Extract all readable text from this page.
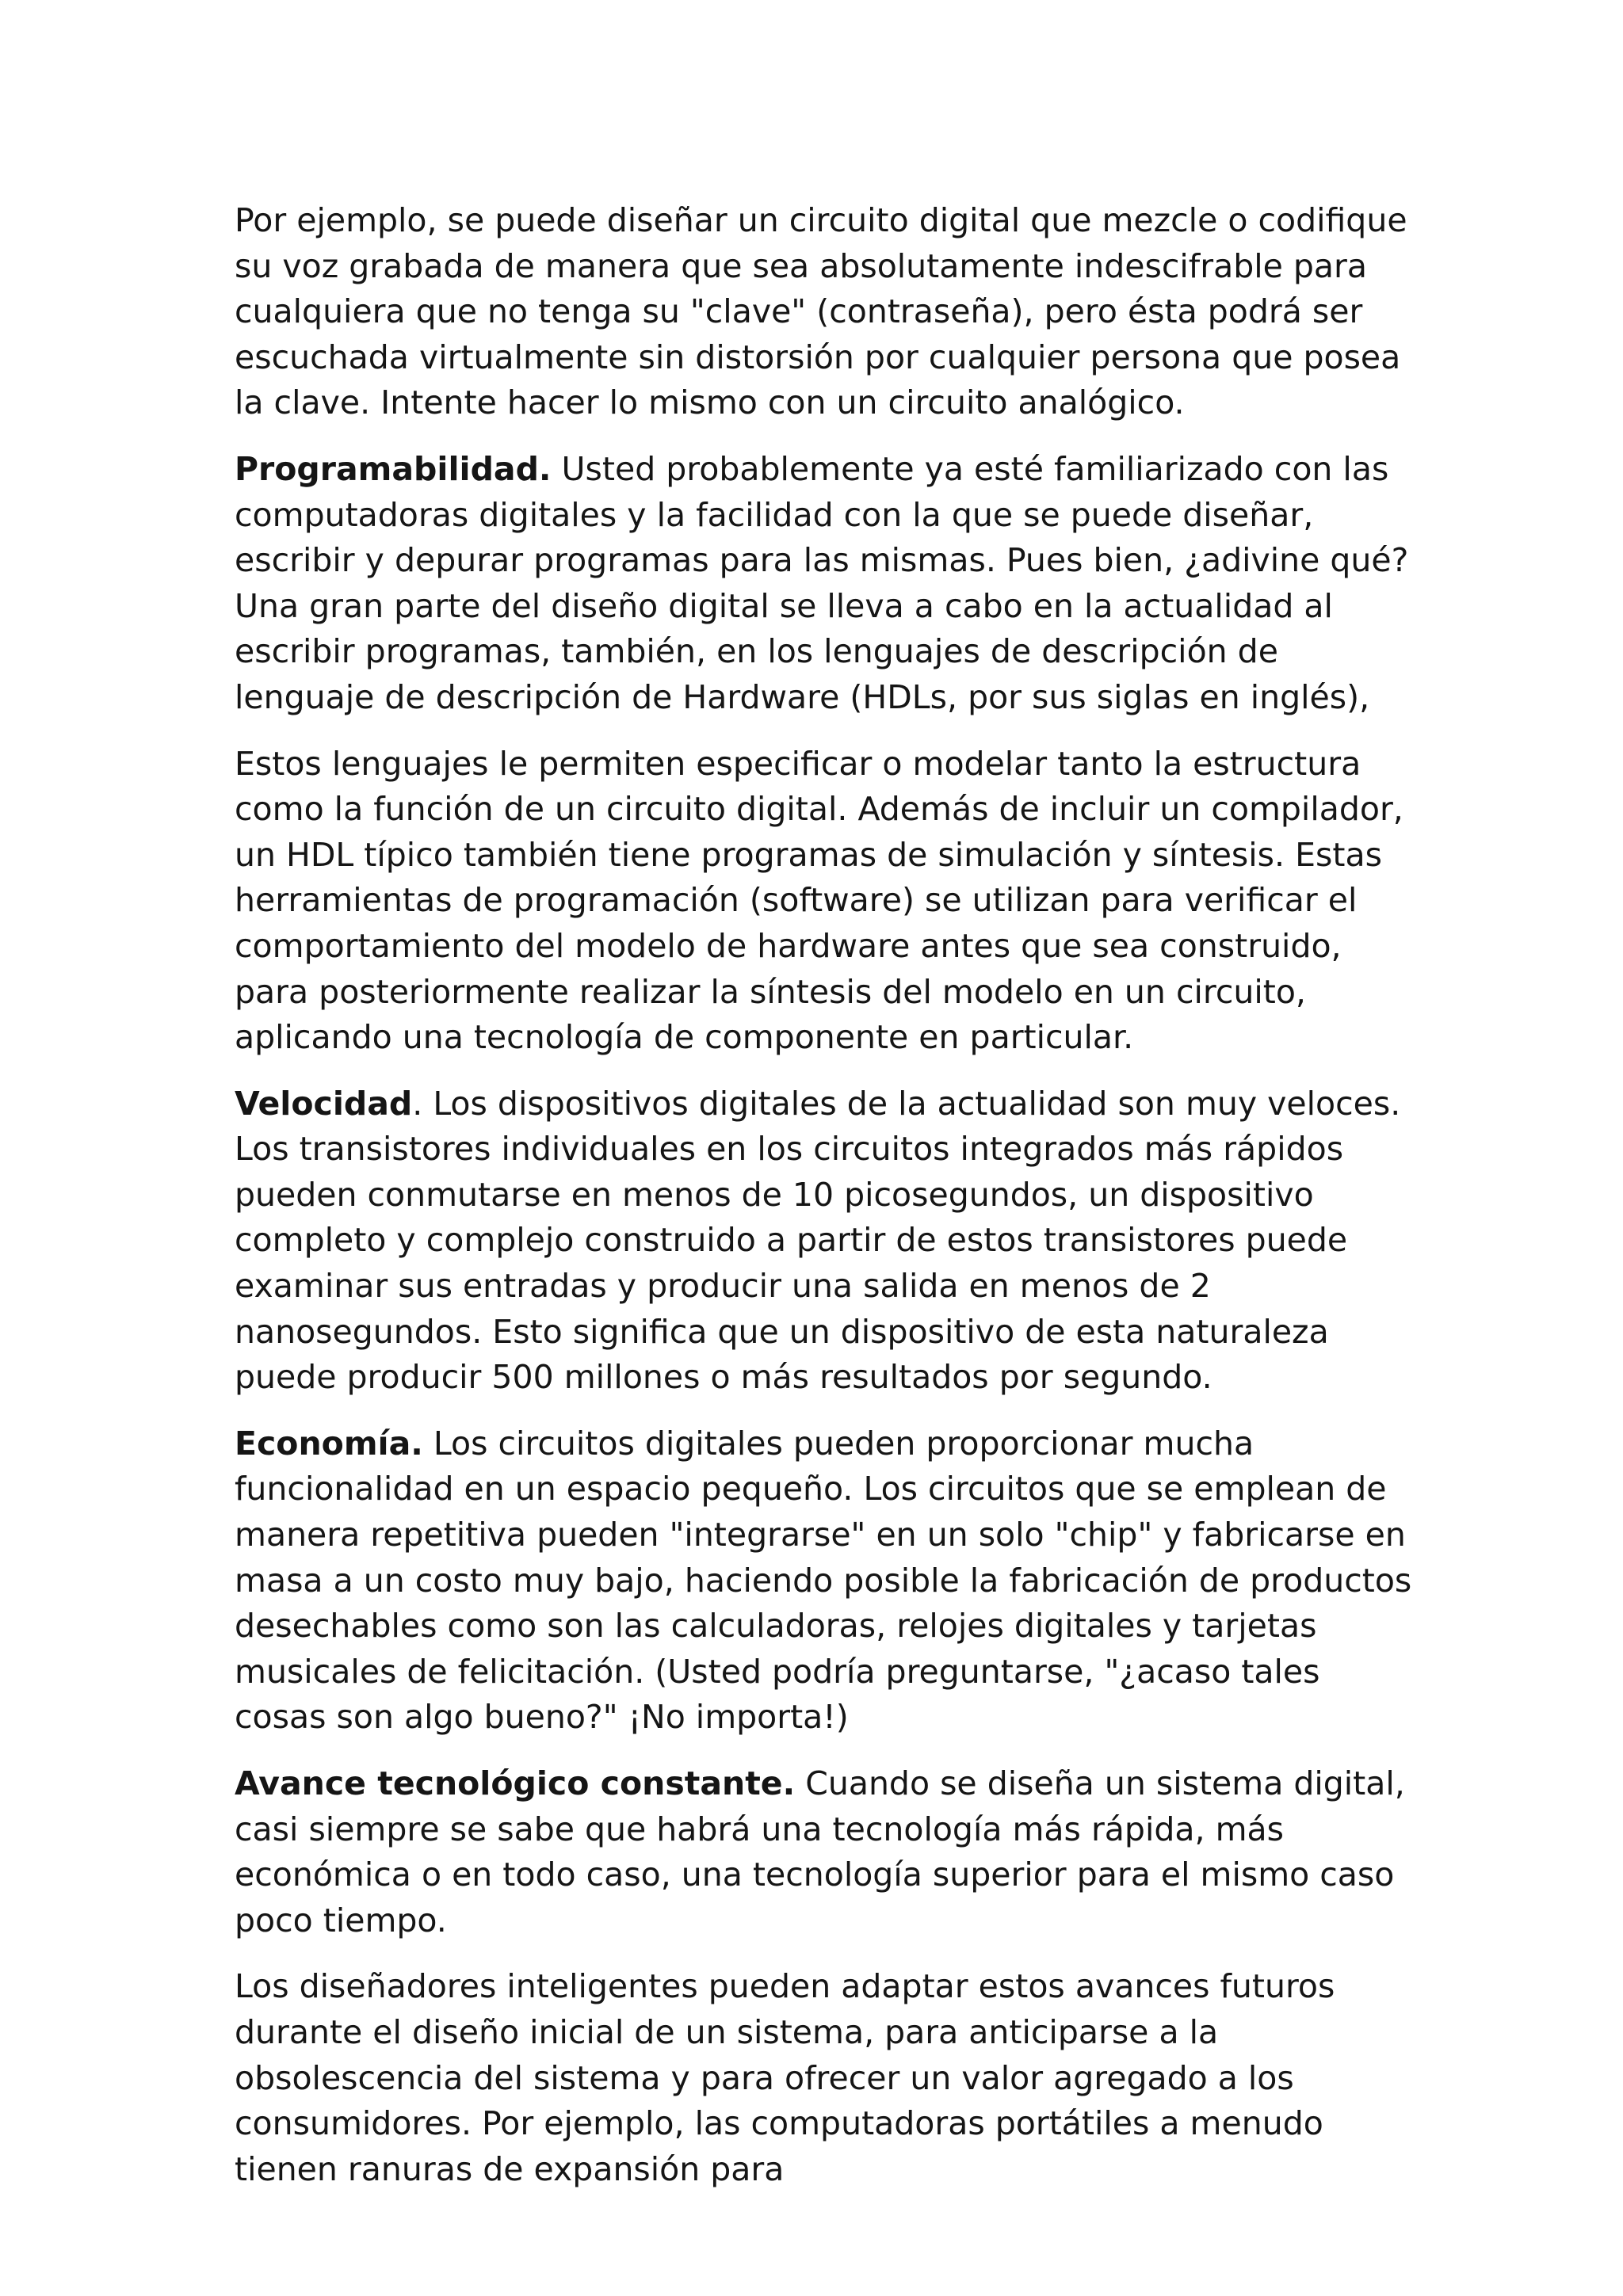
Por ejemplo, se puede diseñar un circuito digital que mezcle o codifique su voz grabada de manera que sea absolutamente indescifrable para cualquiera que no tenga su "clave" (contraseña), pero ésta podrá ser escuchada virtualmente sin distorsión por cualquier persona que posea la clave. Intente hacer lo mismo con un circuito analógico.

Programabilidad. Usted probablemente ya esté familiarizado con las computadoras digitales y la facilidad con la que se puede diseñar, escribir y depurar programas para las mismas. Pues bien, ¿adivine qué? Una gran parte del diseño digital se lleva a cabo en la actualidad al escribir programas, también, en los lenguajes de descripción de lenguaje de descripción de Hardware (HDLs, por sus siglas en inglés),

Estos lenguajes le permiten especificar o modelar tanto la estructura como la función de un circuito digital. Además de incluir un compilador, un HDL típico también tiene programas de simulación y síntesis. Estas herramientas de programación (software) se utilizan para verificar el comportamiento del modelo de hardware antes que sea construido, para posteriormente realizar la síntesis del modelo en un circuito, aplicando una tecnología de componente en particular.

Velocidad. Los dispositivos digitales de la actualidad son muy veloces. Los transistores individuales en los circuitos integrados más rápidos pueden conmutarse en menos de 10 picosegundos, un dispositivo completo y complejo construido a partir de estos transistores puede examinar sus entradas y producir una salida en menos de 2 nanosegundos. Esto significa que un dispositivo de esta naturaleza puede producir 500 millones o más resultados por segundo.

Economía. Los circuitos digitales pueden proporcionar mucha funcionalidad en un espacio pequeño. Los circuitos que se emplean de manera repetitiva pueden "integrarse" en un solo "chip" y fabricarse en masa a un costo muy bajo, haciendo posible la fabricación de productos desechables como son las calculadoras, relojes digitales y tarjetas musicales de felicitación. (Usted podría preguntarse, "¿acaso tales cosas son algo bueno?" ¡No importa!)

Avance tecnológico constante. Cuando se diseña un sistema digital, casi siempre se sabe que habrá una tecnología más rápida, más económica o en todo caso, una tecnología superior para el mismo caso poco tiempo.

Los diseñadores inteligentes pueden adaptar estos avances futuros durante el diseño inicial de un sistema, para anticiparse a la obsolescencia del sistema y para ofrecer un valor agregado a los consumidores. Por ejemplo, las computadoras portátiles a menudo tienen ranuras de expansión para
